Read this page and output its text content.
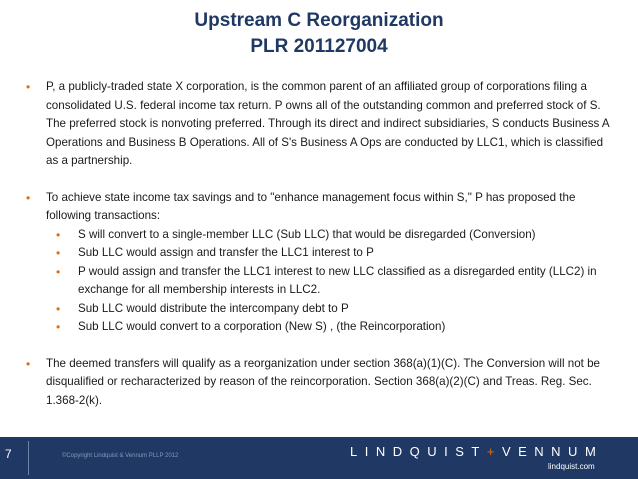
Upstream C Reorganization
PLR 201127004
• P, a publicly-traded state X corporation, is the common parent of an affiliated group of corporations filing a consolidated U.S. federal income tax return. P owns all of the outstanding common and preferred stock of S. The preferred stock is nonvoting preferred. Through its direct and indirect subsidiaries, S conducts Business A Operations and Business B Operations. All of S's Business A Ops are conducted by LLC1, which is classified as a partnership.
• To achieve state income tax savings and to "enhance management focus within S," P has proposed the following transactions:
• S will convert to a single-member LLC (Sub LLC) that would be disregarded (Conversion)
• Sub LLC would assign and transfer the LLC1 interest to P
• P would assign and transfer the LLC1 interest to new LLC classified as a disregarded entity (LLC2) in exchange for all membership interests in LLC2.
• Sub LLC would distribute the intercompany debt to P
• Sub LLC would convert to a corporation (New S) , (the Reincorporation)
• The deemed transfers will qualify as a reorganization under section 368(a)(1)(C). The Conversion will not be disqualified or recharacterized by reason of the reincorporation. Section 368(a)(2)(C) and Treas. Reg. Sec. 1.368-2(k).
7	©Copyright Lindquist & Vennum PLLP 2012	LINDQUIST+VENNUM
lindquist.com
